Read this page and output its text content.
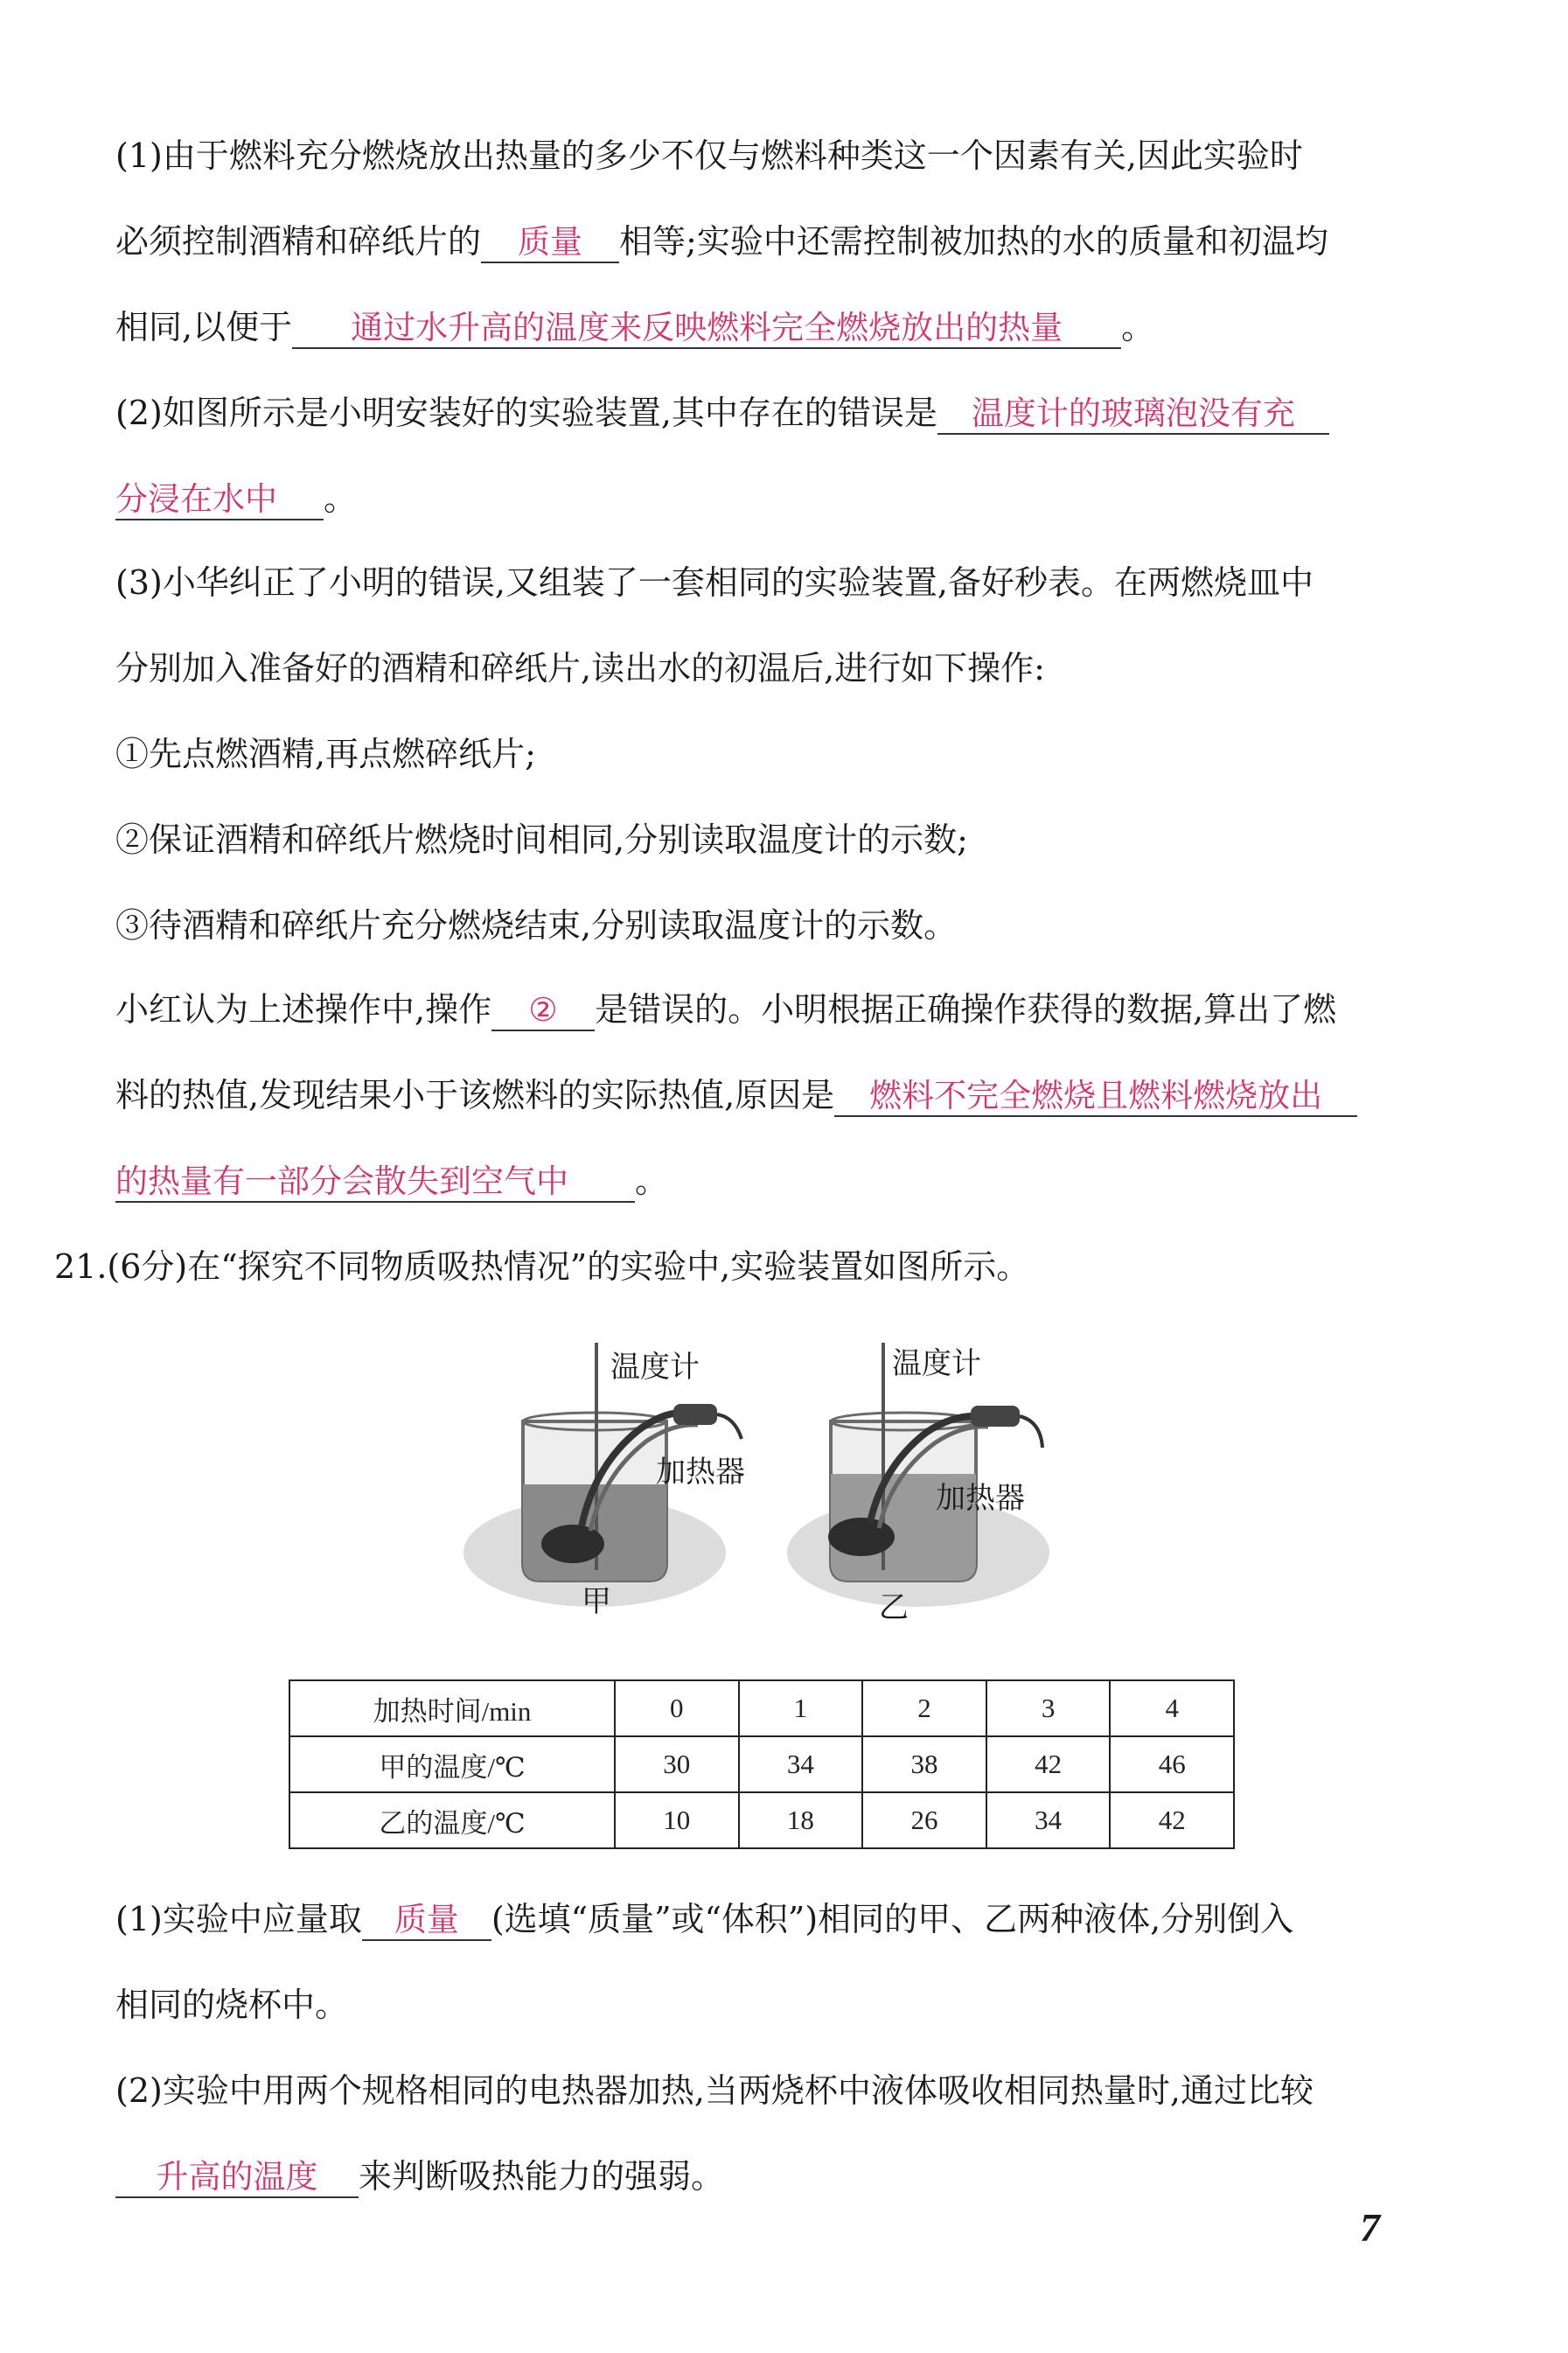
(1)由于燃料充分燃烧放出热量的多少不仅与燃料种类这一个因素有关,因此实验时
必须控制酒精和碎纸片的 质量 相等;实验中还需控制被加热的水的质量和初温均
相同,以便于 通过水升高的温度来反映燃料完全燃烧放出的热量 。
(2)如图所示是小明安装好的实验装置,其中存在的错误是 温度计的玻璃泡没有充
分浸在水中 。
(3)小华纠正了小明的错误,又组装了一套相同的实验装置,备好秒表。在两燃烧皿中
分别加入准备好的酒精和碎纸片,读出水的初温后,进行如下操作:
①先点燃酒精,再点燃碎纸片;
②保证酒精和碎纸片燃烧时间相同,分别读取温度计的示数;
③待酒精和碎纸片充分燃烧结束,分别读取温度计的示数。
小红认为上述操作中,操作 ② 是错误的。小明根据正确操作获得的数据,算出了燃
料的热值,发现结果小于该燃料的实际热值,原因是 燃料不完全燃烧且燃料燃烧放出
的热量有一部分会散失到空气中 。
21.(6分)在“探究不同物质吸热情况”的实验中,实验装置如图所示。
温度计
加热器
甲
温度计
加热器
乙
加热时间/min	0	1	2	3	4
甲的温度/℃	30	34	38	42	46
乙的温度/℃	10	18	26	34	42
(1)实验中应量取 质量 (选填“质量”或“体积”)相同的甲、乙两种液体,分别倒入
相同的烧杯中。
(2)实验中用两个规格相同的电热器加热,当两烧杯中液体吸收相同热量时,通过比较
升高的温度 来判断吸热能力的强弱。
7
